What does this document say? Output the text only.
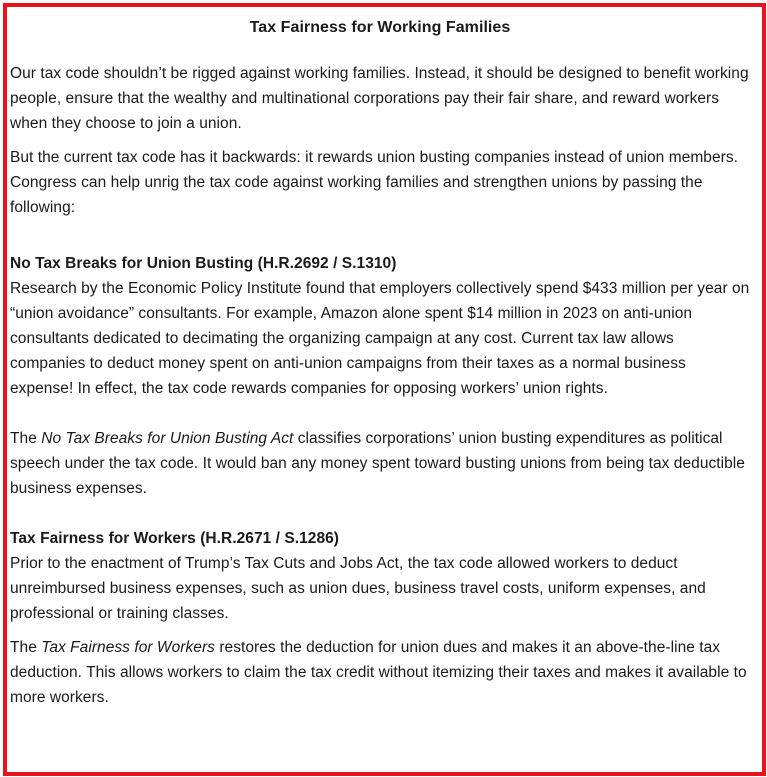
Tax Fairness for Working Families

Our tax code shouldn’t be rigged against working families. Instead, it should be designed to benefit working people, ensure that the wealthy and multinational corporations pay their fair share, and reward workers when they choose to join a union.

But the current tax code has it backwards: it rewards union busting companies instead of union members. Congress can help unrig the tax code against working families and strengthen unions by passing the following:

No Tax Breaks for Union Busting (H.R.2692 / S.1310)

Research by the Economic Policy Institute found that employers collectively spend $433 million per year on “union avoidance” consultants. For example, Amazon alone spent $14 million in 2023 on anti-union consultants dedicated to decimating the organizing campaign at any cost. Current tax law allows companies to deduct money spent on anti-union campaigns from their taxes as a normal business expense! In effect, the tax code rewards companies for opposing workers’ union rights.

The No Tax Breaks for Union Busting Act classifies corporations’ union busting expenditures as political speech under the tax code. It would ban any money spent toward busting unions from being tax deductible business expenses.

Tax Fairness for Workers (H.R.2671 / S.1286)

Prior to the enactment of Trump’s Tax Cuts and Jobs Act, the tax code allowed workers to deduct unreimbursed business expenses, such as union dues, business travel costs, uniform expenses, and professional or training classes.

The Tax Fairness for Workers restores the deduction for union dues and makes it an above-the-line tax deduction. This allows workers to claim the tax credit without itemizing their taxes and makes it available to more workers.
